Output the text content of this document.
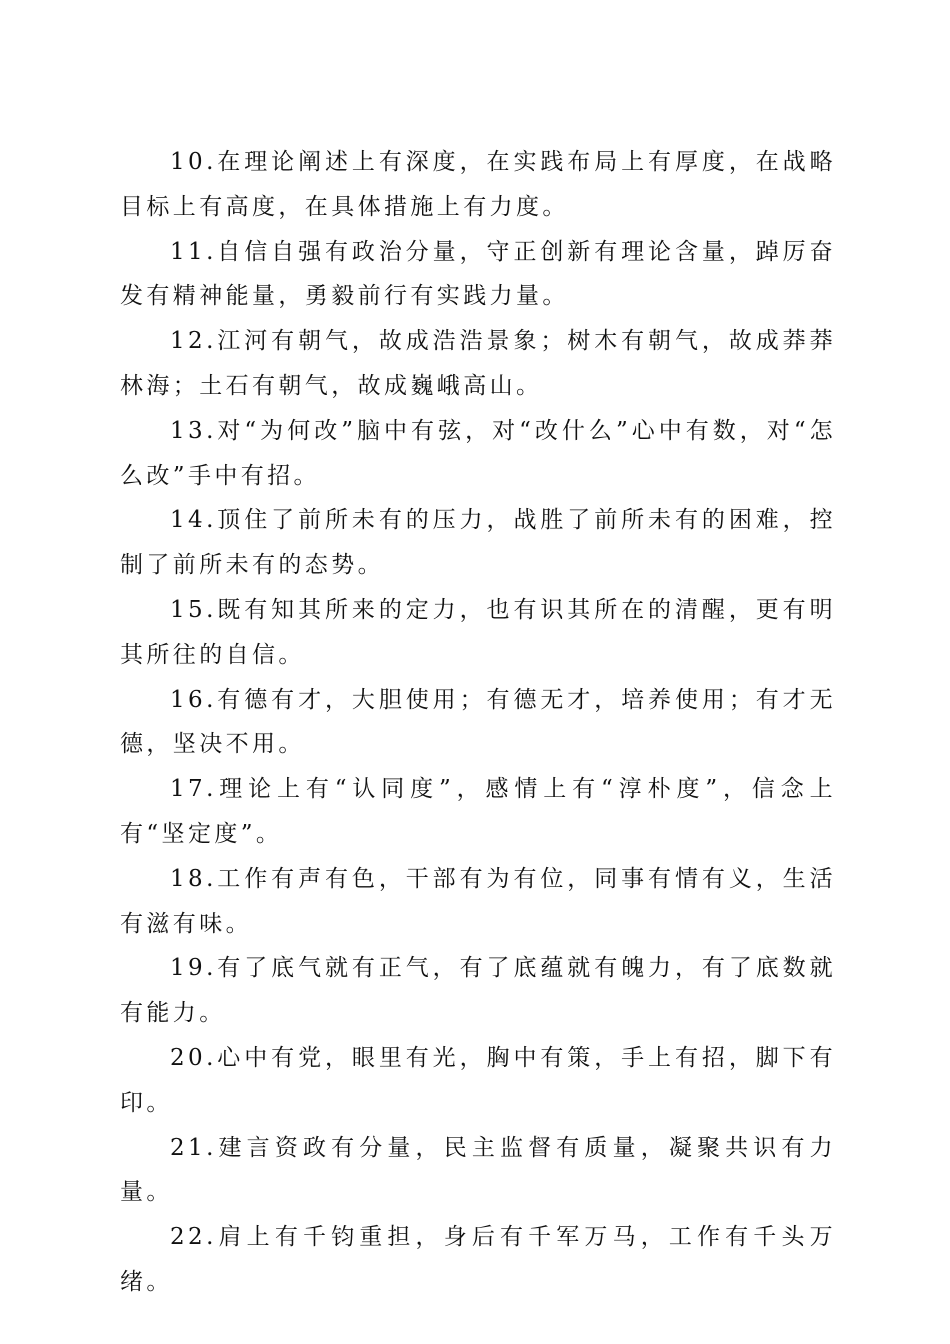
10.在理论阐述上有深度，在实践布局上有厚度，在战略目标上有高度，在具体措施上有力度。

11.自信自强有政治分量，守正创新有理论含量，踔厉奋发有精神能量，勇毅前行有实践力量。

12.江河有朝气，故成浩浩景象；树木有朝气，故成莽莽林海；土石有朝气，故成巍峨高山。

13.对“为何改”脑中有弦，对“改什么”心中有数，对“怎么改”手中有招。

14.顶住了前所未有的压力，战胜了前所未有的困难，控制了前所未有的态势。

15.既有知其所来的定力，也有识其所在的清醒，更有明其所往的自信。

16.有德有才，大胆使用；有德无才，培养使用；有才无德，坚决不用。

17.理论上有“认同度”，感情上有“淳朴度”，信念上有“坚定度”。

18.工作有声有色，干部有为有位，同事有情有义，生活有滋有味。

19.有了底气就有正气，有了底蕴就有魄力，有了底数就有能力。

20.心中有党，眼里有光，胸中有策，手上有招，脚下有印。

21.建言资政有分量，民主监督有质量，凝聚共识有力量。

22.肩上有千钧重担，身后有千军万马，工作有千头万绪。
